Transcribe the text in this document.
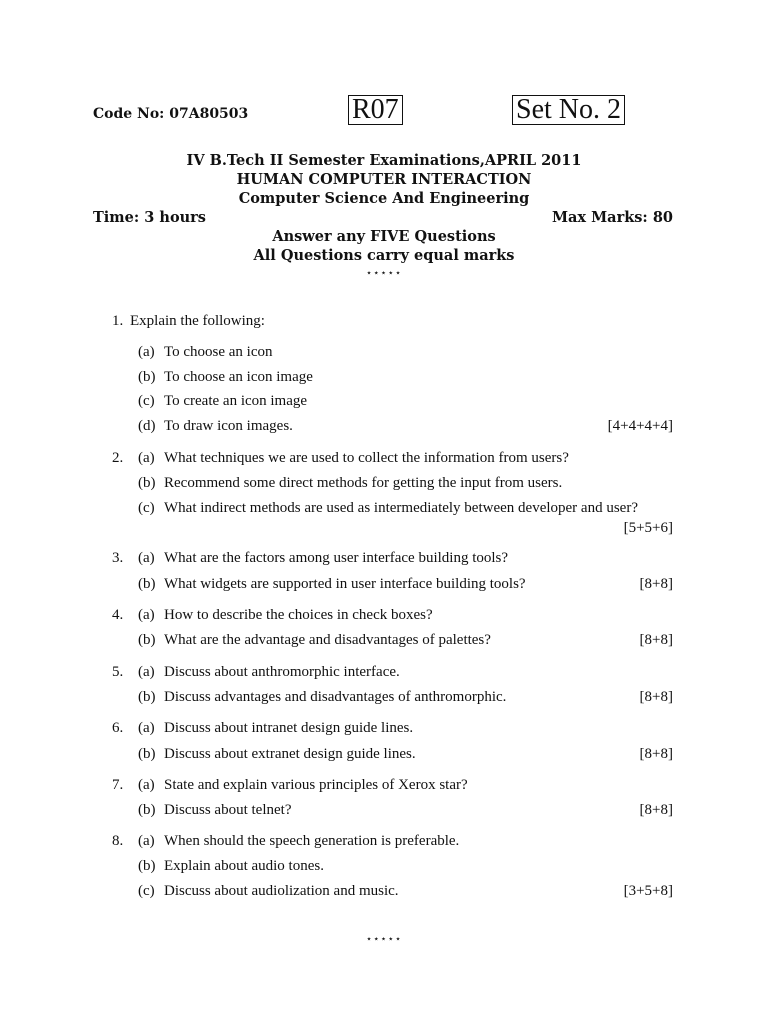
Code No: 07A80503	R07	Set No. 2
IV B.Tech II Semester Examinations,APRIL 2011
HUMAN COMPUTER INTERACTION
Computer Science And Engineering
Time: 3 hours	Max Marks: 80
Answer any FIVE Questions
All Questions carry equal marks
⋆⋆⋆⋆⋆
1. Explain the following:
(a) To choose an icon
(b) To choose an icon image
(c) To create an icon image
(d) To draw icon images.	[4+4+4+4]
2. (a) What techniques we are used to collect the information from users?
(b) Recommend some direct methods for getting the input from users.
(c) What indirect methods are used as intermediately between developer and user?
[5+5+6]
3. (a) What are the factors among user interface building tools?
(b) What widgets are supported in user interface building tools?	[8+8]
4. (a) How to describe the choices in check boxes?
(b) What are the advantage and disadvantages of palettes?	[8+8]
5. (a) Discuss about anthromorphic interface.
(b) Discuss advantages and disadvantages of anthromorphic.	[8+8]
6. (a) Discuss about intranet design guide lines.
(b) Discuss about extranet design guide lines.	[8+8]
7. (a) State and explain various principles of Xerox star?
(b) Discuss about telnet?	[8+8]
8. (a) When should the speech generation is preferable.
(b) Explain about audio tones.
(c) Discuss about audiolization and music.	[3+5+8]
⋆⋆⋆⋆⋆
